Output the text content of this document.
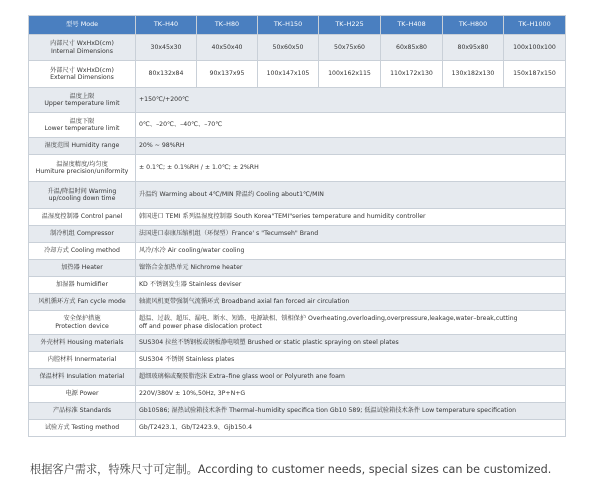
型号 Mode	TK–H40	TK–H80	TK–H150	TK–H225	TK–H408	TK–H800	TK–H1000

内部尺寸 WxHxD(cm)
Internal Dimensions	30x45x30	40x50x40	50x60x50	50x75x60	60x85x80	80x95x80	100x100x100

外部尺寸 WxHxD(cm)
External Dimensions	80x132x84	90x137x95	100x147x105	100x162x115	110x172x130	130x182x130	150x187x150

温度上限
Upper temperature limit	+150℃/+200℃						

温度下限
Lower temperature limit	0℃、–20℃、–40℃、–70℃						
湿度范围 Humidity range	20% ~ 98%RH						

温湿度精度/均匀度
Humiture precision/uniformity	± 0.1℃; ± 0.1%RH / ± 1.0℃; ± 2%RH						

升温/降温时间 Warming
up/cooling down time	升温约 Warming about 4℃/MIN 降温约 Cooling about1℃/MIN						
温湿度控制器 Control panel	韩国进口 TEMI 系列温湿度控制器 South Korea"TEMI"series temperature and humidity controller						
制冷机组 Compressor	法国进口泰康压缩机组（环保型）France' s "Tecumseh" Brand						
冷却方式 Cooling method	风冷/水冷 Air cooling/water cooling						
加热器 Heater	镍铬合金加热单元 Nichrome heater						
加湿器 humidifier	KD 不锈钢发生器 Stainless deviser						
风机循环方式 Fan cycle mode	轴流风机更带强制气流循环式 Broadband axial fan forced air circulation						

安全保护措施
Protection device	超温、过载、超压、漏电、断水、短路、电源缺相、锁相保护 Overheating,overloading,overpressure,leakage,water–break,cutting
off and power phase dislocation protect						

外壳材料 Housing materials	SUS304 拉丝不锈钢板或钢板静电喷塑 Brushed or static plastic spraying on steel plates						
内腔材料 Innermaterial	SUS304 不锈钢 Stainless plates						
保温材料 Insulation material	超细玻璃棉或聚胺脂泡沫 Extra–fine glass wool or Polyureth ane foam						
电源 Power	220V/380V ± 10%,50Hz, 3P+N+G						
产品标准 Standards	Gb10586; 湿热试验箱技术条件 Thermal–humidity specifica tion Gb10 589; 低温试验箱技术条件 Low temperature specification						
试验方式 Testing method	Gb/T2423.1、Gb/T2423.9、Gjb150.4						
根据客户需求，特殊尺寸可定制。According to customer needs, special sizes can be customized.
